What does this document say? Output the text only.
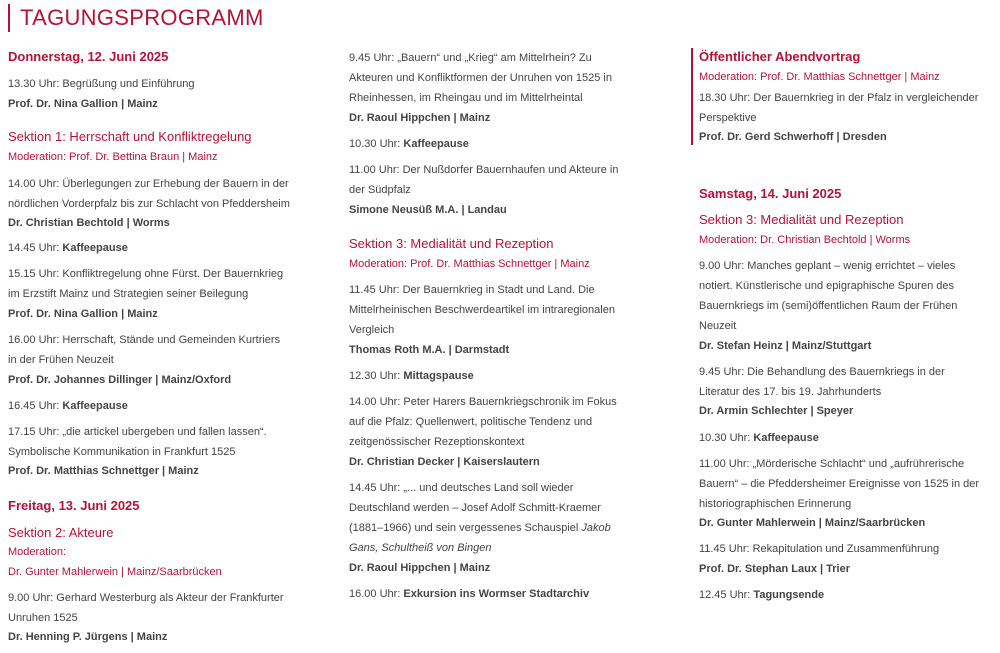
TAGUNGSPROGRAMM
Donnerstag, 12. Juni 2025
13.30 Uhr: Begrüßung und Einführung
Prof. Dr. Nina Gallion | Mainz
Sektion 1: Herrschaft und Konfliktregelung
Moderation: Prof. Dr. Bettina Braun | Mainz
14.00 Uhr: Überlegungen zur Erhebung der Bauern in der
nördlichen Vorderpfalz bis zur Schlacht von Pfeddersheim
Dr. Christian Bechtold | Worms
14.45 Uhr: Kaffeepause
15.15 Uhr: Konfliktregelung ohne Fürst. Der Bauernkrieg
im Erzstift Mainz und Strategien seiner Beilegung
Prof. Dr. Nina Gallion | Mainz
16.00 Uhr: Herrschaft, Stände und Gemeinden Kurtriers
in der Frühen Neuzeit
Prof. Dr. Johannes Dillinger | Mainz/Oxford
16.45 Uhr: Kaffeepause
17.15 Uhr: „die artickel ubergeben und fallen lassen“.
Symbolische Kommunikation in Frankfurt 1525
Prof. Dr. Matthias Schnettger | Mainz
Freitag, 13. Juni 2025
Sektion 2: Akteure
Moderation:
Dr. Gunter Mahlerwein | Mainz/Saarbrücken
9.00 Uhr: Gerhard Westerburg als Akteur der Frankfurter
Unruhen 1525
Dr. Henning P. Jürgens | Mainz
9.45 Uhr: „Bauern“ und „Krieg“ am Mittelrhein? Zu
Akteuren und Konfliktformen der Unruhen von 1525 in
Rheinhessen, im Rheingau und im Mittelrheintal
Dr. Raoul Hippchen | Mainz
10.30 Uhr: Kaffeepause
11.00 Uhr: Der Nußdorfer Bauernhaufen und Akteure in
der Südpfalz
Simone Neusüß M.A. | Landau
Sektion 3: Medialität und Rezeption
Moderation: Prof. Dr. Matthias Schnettger | Mainz
11.45 Uhr: Der Bauernkrieg in Stadt und Land. Die
Mittelrheinischen Beschwerdeartikel im intraregionalen
Vergleich
Thomas Roth M.A. | Darmstadt
12.30 Uhr: Mittagspause
14.00 Uhr: Peter Harers Bauernkriegschronik im Fokus
auf die Pfalz: Quellenwert, politische Tendenz und
zeitgenössischer Rezeptionskontext
Dr. Christian Decker | Kaiserslautern
14.45 Uhr: „... und deutsches Land soll wieder
Deutschland werden – Josef Adolf Schmitt-Kraemer
(1881–1966) und sein vergessenes Schauspiel Jakob
Gans, Schultheiß von Bingen
Dr. Raoul Hippchen | Mainz
16.00 Uhr: Exkursion ins Wormser Stadtarchiv
Öffentlicher Abendvortrag
Moderation: Prof. Dr. Matthias Schnettger | Mainz
18.30 Uhr: Der Bauernkrieg in der Pfalz in vergleichender
Perspektive
Prof. Dr. Gerd Schwerhoff | Dresden
Samstag, 14. Juni 2025
Sektion 3: Medialität und Rezeption
Moderation: Dr. Christian Bechtold | Worms
9.00 Uhr: Manches geplant – wenig errichtet – vieles
notiert. Künstlerische und epigraphische Spuren des
Bauernkriegs im (semi)öffentlichen Raum der Frühen
Neuzeit
Dr. Stefan Heinz | Mainz/Stuttgart
9.45 Uhr: Die Behandlung des Bauernkriegs in der
Literatur des 17. bis 19. Jahrhunderts
Dr. Armin Schlechter | Speyer
10.30 Uhr: Kaffeepause
11.00 Uhr: „Mörderische Schlacht“ und „aufrührerische
Bauern“ – die Pfeddersheimer Ereignisse von 1525 in der
historiographischen Erinnerung
Dr. Gunter Mahlerwein | Mainz/Saarbrücken
11.45 Uhr: Rekapitulation und Zusammenführung
Prof. Dr. Stephan Laux | Trier
12.45 Uhr: Tagungsende
